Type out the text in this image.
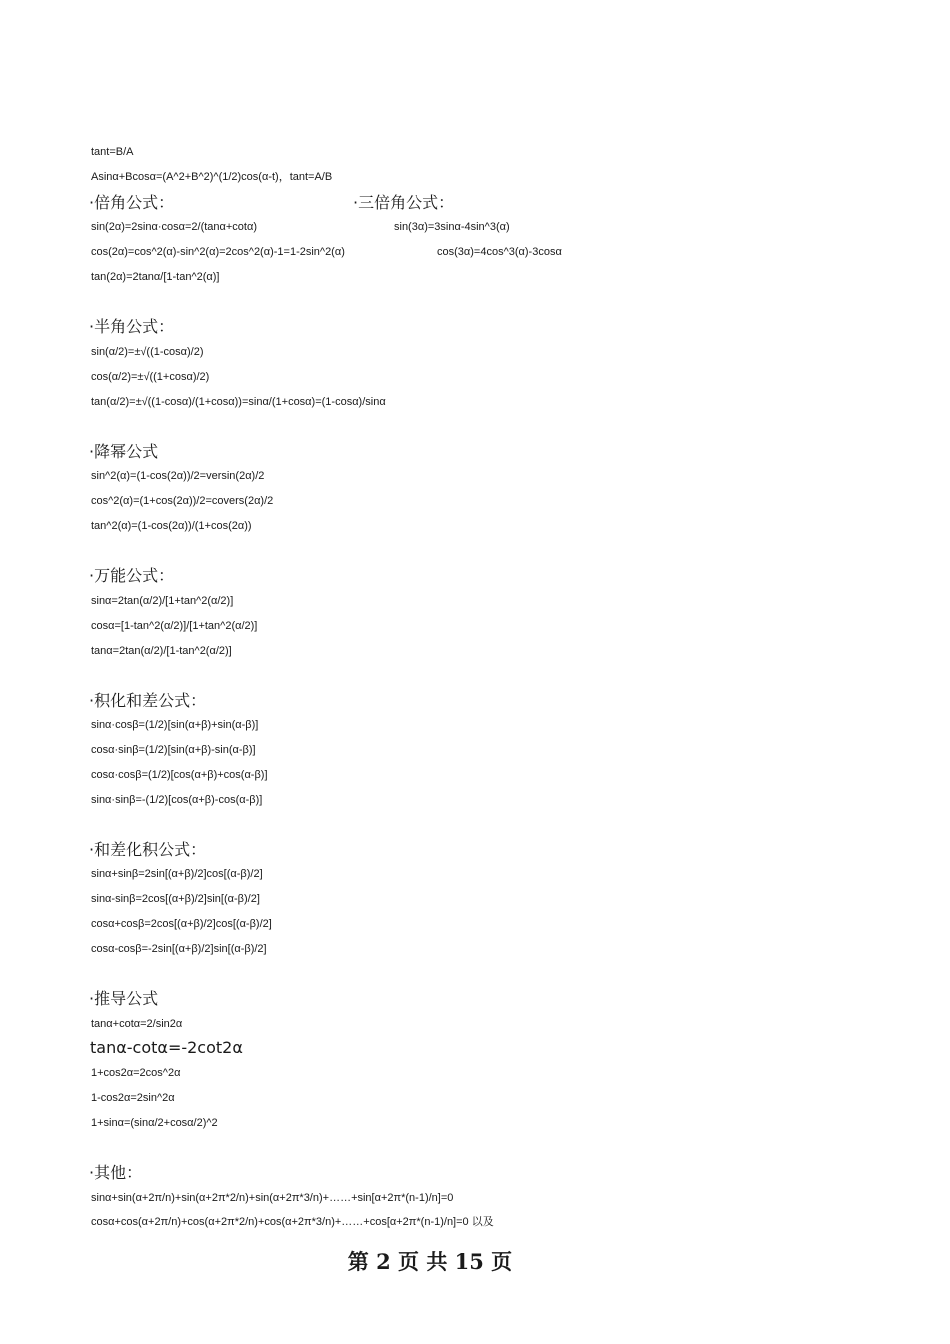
tant=B/A
Asinα+Bcosα=(A^2+B^2)^(1/2)cos(α-t)，tant=A/B
·倍角公式：	·三倍角公式：
sin(2α)=2sinα·cosα=2/(tanα+cotα)	sin(3α)=3sinα-4sin^3(α)
cos(2α)=cos^2(α)-sin^2(α)=2cos^2(α)-1=1-2sin^2(α)	cos(3α)=4cos^3(α)-3cosα
tan(2α)=2tanα/[1-tan^2(α)]
·半角公式：
sin(α/2)=±√((1-cosα)/2)
cos(α/2)=±√((1+cosα)/2)
tan(α/2)=±√((1-cosα)/(1+cosα))=sinα/(1+cosα)=(1-cosα)/sinα
·降幂公式
sin^2(α)=(1-cos(2α))/2=versin(2α)/2
cos^2(α)=(1+cos(2α))/2=covers(2α)/2
tan^2(α)=(1-cos(2α))/(1+cos(2α))
·万能公式：
sinα=2tan(α/2)/[1+tan^2(α/2)]
cosα=[1-tan^2(α/2)]/[1+tan^2(α/2)]
tanα=2tan(α/2)/[1-tan^2(α/2)]
·积化和差公式：
sinα·cosβ=(1/2)[sin(α+β)+sin(α-β)]
cosα·sinβ=(1/2)[sin(α+β)-sin(α-β)]
cosα·cosβ=(1/2)[cos(α+β)+cos(α-β)]
sinα·sinβ=-(1/2)[cos(α+β)-cos(α-β)]
·和差化积公式：
sinα+sinβ=2sin[(α+β)/2]cos[(α-β)/2]
sinα-sinβ=2cos[(α+β)/2]sin[(α-β)/2]
cosα+cosβ=2cos[(α+β)/2]cos[(α-β)/2]
cosα-cosβ=-2sin[(α+β)/2]sin[(α-β)/2]
·推导公式
tanα+cotα=2/sin2α
tanα-cotα=-2cot2α
1+cos2α=2cos^2α
1-cos2α=2sin^2α
1+sinα=(sinα/2+cosα/2)^2
·其他：
sinα+sin(α+2π/n)+sin(α+2π*2/n)+sin(α+2π*3/n)+……+sin[α+2π*(n-1)/n]=0
cosα+cos(α+2π/n)+cos(α+2π*2/n)+cos(α+2π*3/n)+……+cos[α+2π*(n-1)/n]=0 以及
第 2 页 共 15 页
